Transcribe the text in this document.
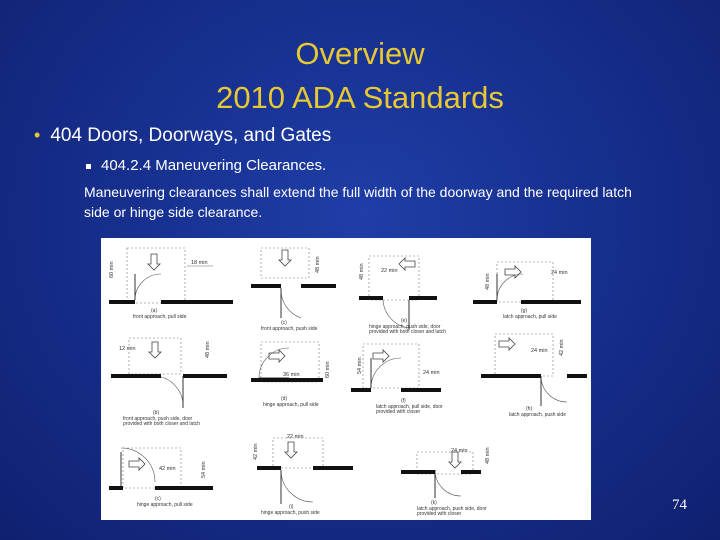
Overview
2010 ADA Standards
• 404 Doors, Doorways, and Gates
404.2.4 Maneuvering Clearances.
Maneuvering clearances shall extend the full width of the doorway and the required latch side or hinge side clearance.
18 min
60 min
(a)
front approach, pull side
48 min
(c)
front approach, push side
22 min
48 min
(e)
hinge approach, push side, door
provided with both closer and latch
24 min
48 min
(g)
latch approach, pull side
12 min	48 min
(b)
front approach, push side, door
provided with both closer and latch
36 min	60 min
(d)
hinge approach, pull side
24 min
54 min
(f)
latch approach, pull side, door
provided with closer
24 min 42 min
(h)
latch approach, push side
42 min	54 min
(c)
hinge approach, pull side
22 min
42 min
(i)
hinge approach, push side
24 min	48 min
(k)
latch approach, push side, door
provided with closer
74
